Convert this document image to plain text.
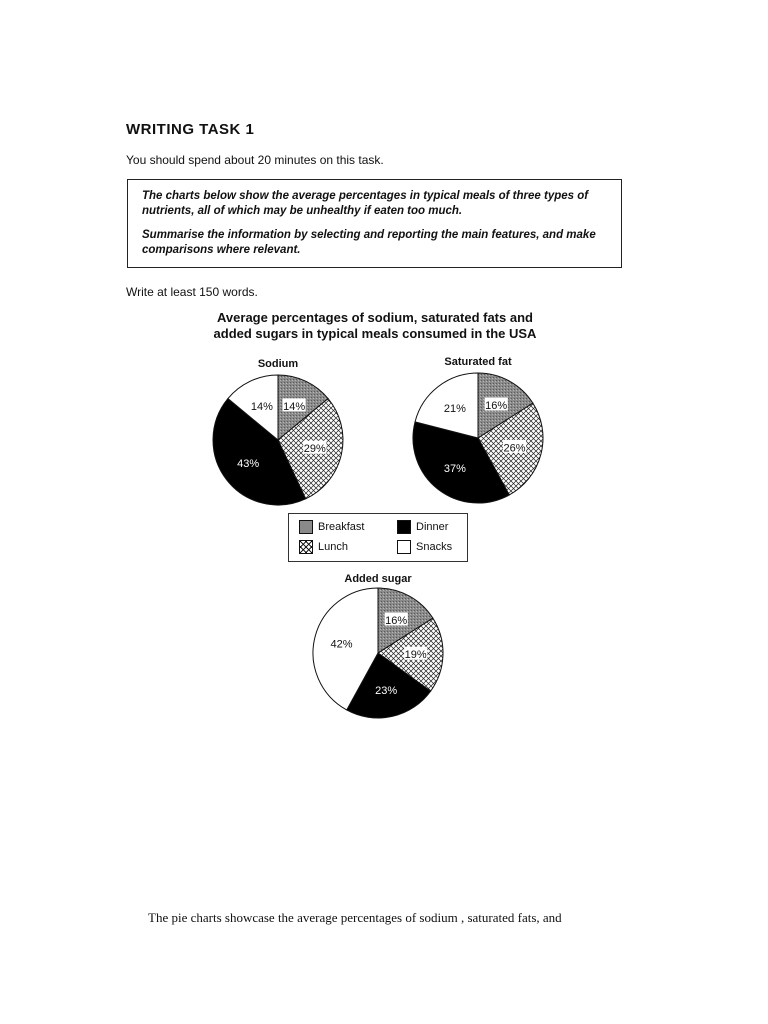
WRITING TASK 1
You should spend about 20 minutes on this task.

The charts below show the average percentages in typical meals of three types of nutrients, all of which may be unhealthy if eaten too much.

Summarise the information by selecting and reporting the main features, and make comparisons where relevant.

Write at least 150 words.
Average percentages of sodium, saturated fats and
added sugars in typical meals consumed in the USA
Sodium	Saturated fat
Added sugar
14%
29%
43%
14%	16%
26%
37%
21%
16%
19%
23%
42%
Breakfast
Lunch
Dinner
Snacks
The pie charts showcase the average percentages of sodium , saturated fats, and
